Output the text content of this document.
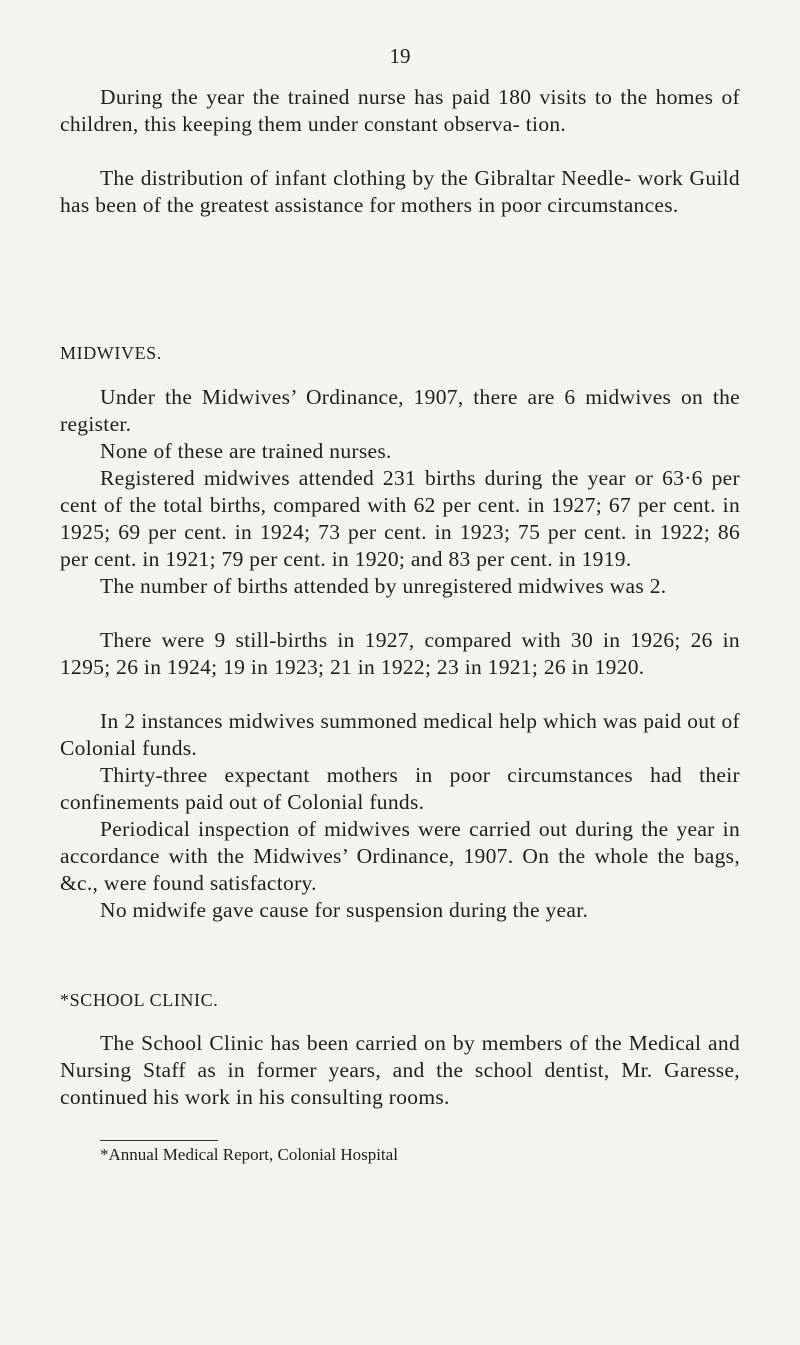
19

During the year the trained nurse has paid 180 visits to the homes of children, this keeping them under constant observa- tion.

The distribution of infant clothing by the Gibraltar Needle- work Guild has been of the greatest assistance for mothers in poor circumstances.

MIDWIVES.

Under the Midwives’ Ordinance, 1907, there are 6 midwives on the register.

None of these are trained nurses.

Registered midwives attended 231 births during the year or 63·6 per cent of the total births, compared with 62 per cent. in 1927; 67 per cent. in 1925; 69 per cent. in 1924; 73 per cent. in 1923; 75 per cent. in 1922; 86 per cent. in 1921; 79 per cent. in 1920; and 83 per cent. in 1919.

The number of births attended by unregistered midwives was 2.

There were 9 still-births in 1927, compared with 30 in 1926; 26 in 1295; 26 in 1924; 19 in 1923; 21 in 1922; 23 in 1921; 26 in 1920.

In 2 instances midwives summoned medical help which was paid out of Colonial funds.

Thirty-three expectant mothers in poor circumstances had their confinements paid out of Colonial funds.

Periodical inspection of midwives were carried out during the year in accordance with the Midwives’ Ordinance, 1907. On the whole the bags, &c., were found satisfactory.

No midwife gave cause for suspension during the year.

*SCHOOL CLINIC.

The School Clinic has been carried on by members of the Medical and Nursing Staff as in former years, and the school dentist, Mr. Garesse, continued his work in his consulting rooms.

*Annual Medical Report, Colonial Hospital
